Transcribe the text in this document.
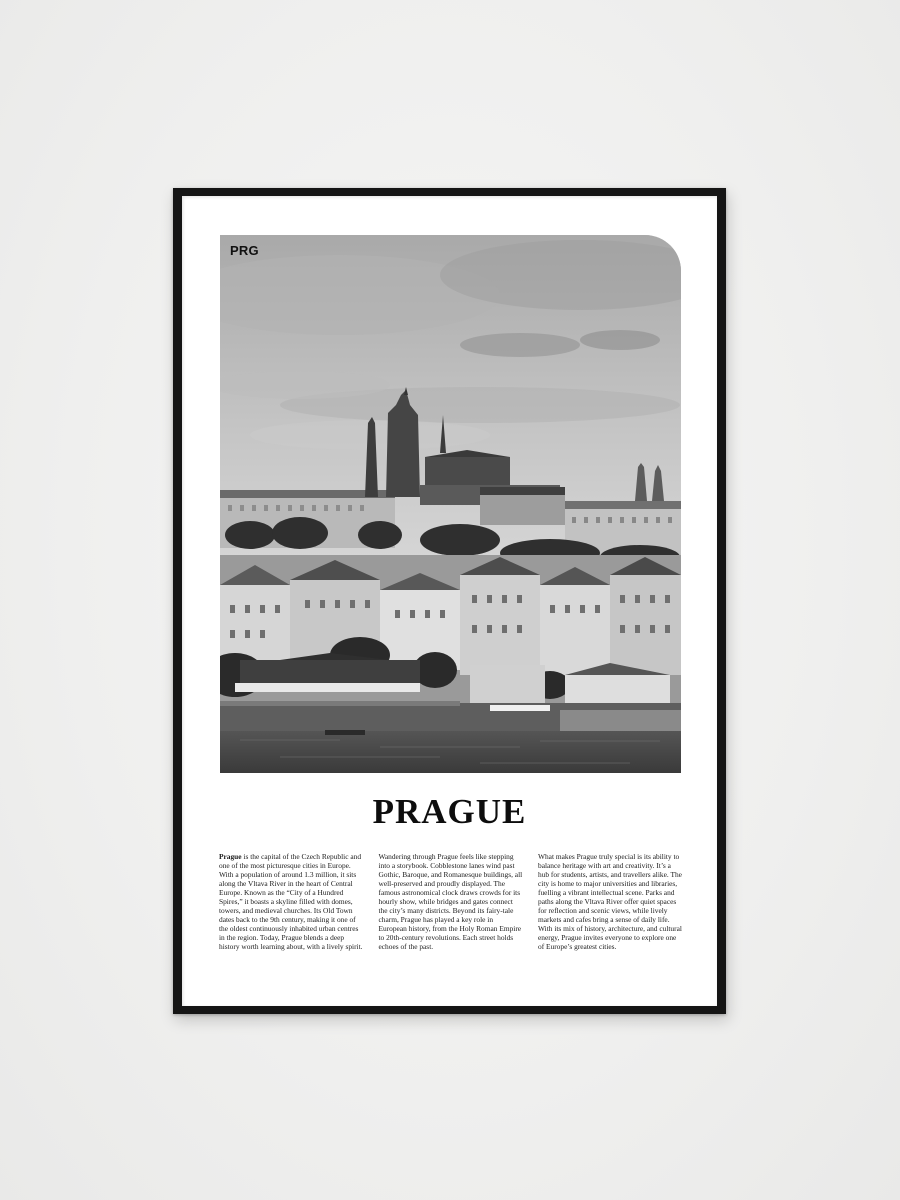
PRG
PRAGUE
Prague is the capital of the Czech Republic and one of the most picturesque cities in Europe. With a population of around 1.3 million, it sits along the Vltava River in the heart of Central Europe. Known as the “City of a Hundred Spires,” it boasts a skyline filled with domes, towers, and medieval churches. Its Old Town dates back to the 9th century, making it one of the oldest continuously inhabited urban centres in the region. Today, Prague blends a deep history worth learning about, with a lively spirit.
Wandering through Prague feels like stepping into a storybook. Cobblestone lanes wind past Gothic, Baroque, and Romanesque buildings, all well-preserved and proudly displayed. The famous astronomical clock draws crowds for its hourly show, while bridges and gates connect the city’s many districts. Beyond its fairy-tale charm, Prague has played a key role in European history, from the Holy Roman Empire to 20th-century revolutions. Each street holds echoes of the past.
What makes Prague truly special is its ability to balance heritage with art and creativity. It’s a hub for students, artists, and travellers alike. The city is home to major universities and libraries, fuelling a vibrant intellectual scene. Parks and paths along the Vltava River offer quiet spaces for reflection and scenic views, while lively markets and cafes bring a sense of daily life. With its mix of history, architecture, and cultural energy, Prague invites everyone to explore one of Europe’s greatest cities.
